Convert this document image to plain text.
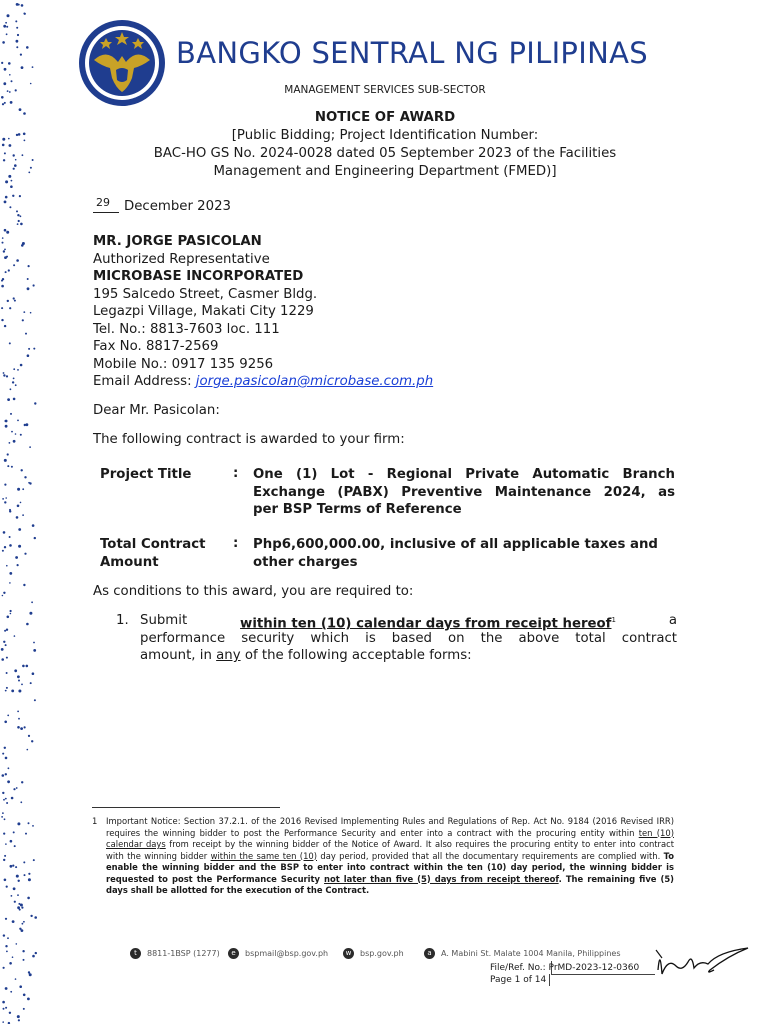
BANGKO SENTRAL NG PILIPINAS
MANAGEMENT SERVICES SUB-SECTOR
NOTICE OF AWARD
[Public Bidding; Project Identification Number:
BAC-HO GS No. 2024-0028 dated 05 September 2023 of the Facilities
Management and Engineering Department (FMED)]
29 December 2023
MR. JORGE PASICOLAN
Authorized Representative
MICROBASE INCORPORATED
195 Salcedo Street, Casmer Bldg.
Legazpi Village, Makati City 1229
Tel. No.: 8813-7603 loc. 111
Fax No. 8817-2569
Mobile No.: 0917 135 9256
Email Address: jorge.pasicolan@microbase.com.ph
Dear Mr. Pasicolan:
The following contract is awarded to your firm:
Project Title	: One (1) Lot - Regional Private Automatic Branch
Exchange (PABX) Preventive Maintenance 2024, as
per BSP Terms of Reference
Total Contract
Amount
: Php6,600,000.00, inclusive of all applicable taxes and
other charges
As conditions to this award, you are required to:
1. Submit	within ten (10) calendar days from receipt hereof$^1$	a
performance security which is based on the above total contract
amount, in any of the following acceptable forms:
1 Important Notice: Section 37.2.1. of the 2016 Revised Implementing Rules and Regulations of Rep. Act No. 9184 (2016 Revised IRR) requires the winning bidder to post the Performance Security and enter into a contract with the procuring entity within ten (10) calendar days from receipt by the winning bidder of the Notice of Award. It also requires the procuring entity to enter into contract with the winning bidder within the same ten (10) day period, provided that all the documentary requirements are complied with. To enable the winning bidder and the BSP to enter into contract within the ten (10) day period, the winning bidder is requested to post the Performance Security not later than five (5) days from receipt thereof. The remaining five (5) days shall be allotted for the execution of the Contract.
t	8811-1BSP (1277)	e	bspmail@bsp.gov.ph	w	bsp.gov.ph	a	A. Mabini St. Malate 1004 Manila, Philippines
File/Ref. No.: PrMD-2023-12-0360
Page 1 of 14
